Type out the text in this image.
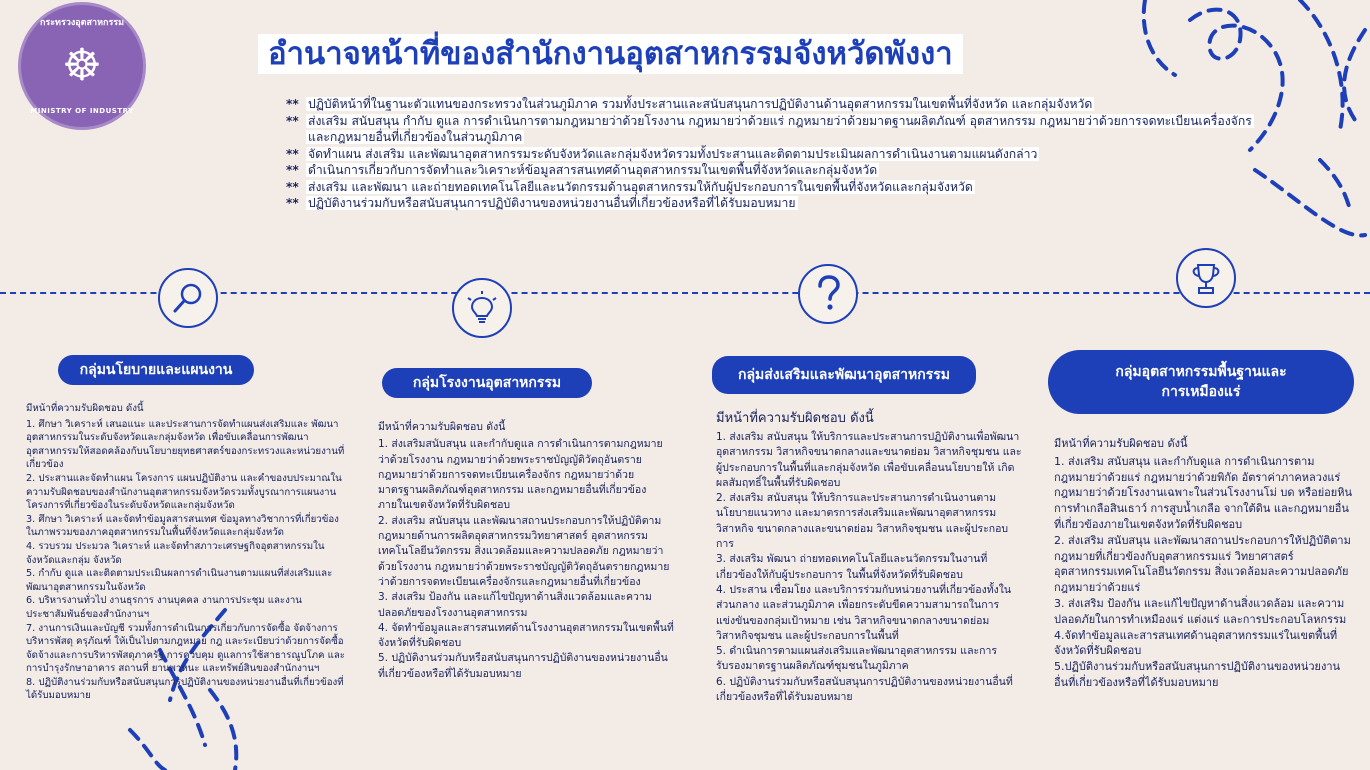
กระทรวงอุตสาหกรรม
☸
MINISTRY OF INDUSTRY
อำนาจหน้าที่ของสำนักงานอุตสาหกรรมจังหวัดพังงา
** ปฏิบัติหน้าที่ในฐานะตัวแทนของกระทรวงในส่วนภูมิภาค รวมทั้งประสานและสนับสนุนการปฏิบัติงานด้านอุตสาหกรรมในเขตพื้นที่จังหวัด และกลุ่มจังหวัด
** ส่งเสริม สนับสนุน กำกับ ดูแล การดำเนินการตามกฎหมายว่าด้วยโรงงาน กฎหมายว่าด้วยแร่ กฎหมายว่าด้วยมาตฐานผลิตภัณฑ์ อุตสาหกรรม กฎหมายว่าด้วยการจดทะเบียนเครื่องจักร และกฎหมายอื่นที่เกี่ยวข้องในส่วนภูมิภาค
** จัดทำแผน ส่งเสริม และพัฒนาอุตสาหกรรมระดับจังหวัดและกลุ่มจังหวัดรวมทั้งประสานและติดตามประเมินผลการดำเนินงานตามแผนดังกล่าว
** ดำเนินการเกี่ยวกับการจัดทำและวิเคราะห์ข้อมูลสารสนเทศด้านอุตสาหกรรมในเขตพื้นที่จังหวัดและกลุ่มจังหวัด
** ส่งเสริม และพัฒนา และถ่ายทอดเทคโนโลยีและนวัตกรรมด้านอุตสาหกรรมให้กับผู้ประกอบการในเขตพื้นที่จังหวัดและกลุ่มจังหวัด
** ปฏิบัติงานร่วมกับหรือสนับสนุนการปฏิบัติงานของหน่วยงานอื่นที่เกี่ยวข้องหรือที่ได้รับมอบหมาย
กลุ่มนโยบายและแผนงาน
กลุ่มโรงงานอุตสาหกรรม	กลุ่มส่งเสริมและพัฒนาอุตสาหกรรม	กลุ่มอุตสาหกรรมพื้นฐานและ
การเหมืองแร่

มีหน้าที่ความรับผิดชอบ ดังนี้

1. ศึกษา วิเคราะห์ เสนอแนะ และประสานการจัดทำแผนส่งเสริมและ พัฒนาอุตสาหกรรมในระดับจังหวัดและกลุ่มจังหวัด เพื่อขับเคลื่อนการพัฒนาอุตสาหกรรมให้สอดคล้องกับนโยบายยุทธศาสตร์ของกระทรวงและหน่วยงานที่เกี่ยวข้อง

2. ประสานและจัดทำแผน โครงการ แผนปฏิบัติงาน และคำของบประมาณในความรับผิดชอบของสำนักงานอุตสาหกรรมจังหวัดรวมทั้งบูรณาการแผนงานโครงการที่เกี่ยวข้องในระดับจังหวัดและกลุ่มจังหวัด

3. ศึกษา วิเคราะห์ และจัดทำข้อมูลสารสนเทศ ข้อมูลทางวิชาการที่เกี่ยวข้องในภาพรวมของภาคอุตสาหกรรมในพื้นที่จังหวัดและกลุ่มจังหวัด

4. รวบรวม ประมวล วิเคราะห์ และจัดทำสภาวะเศรษฐกิจอุตสาหกรรมในจังหวัดและกลุ่ม จังหวัด

5. กำกับ ดูแล และติดตามประเมินผลการดำเนินงานตามแผนที่ส่งเสริมและพัฒนาอุตสาหกรรมในจังหวัด

6. บริหารงานทั่วไป งานธุรการ งานบุคคล งานการประชุม และงานประชาสัมพันธ์ของสำนักงานฯ

7. งานการเงินและบัญชี รวมทั้งการดำเนินการเกี่ยวกับการจัดซื้อ จัดจ้างการบริหารพัสดุ ครุภัณฑ์ ให้เป็นไปตามกฎหมาย กฎ และระเบียบว่าด้วยการจัดซื้อจัดจ้างและการบริหารพัสดุภาครัฐ การควบคุม ดูแลการใช้สาธารณูปโภค และการบำรุงรักษาอาคาร สถานที่ ยานพาหนะ และทรัพย์สินของสำนักงานฯ

8. ปฏิบัติงานร่วมกับหรือสนับสนุนการปฏิบัติงานของหน่วยงานอื่นที่เกี่ยวข้องที่ได้รับมอบหมาย

มีหน้าที่ความรับผิดชอบ ดังนี้

1. ส่งเสริมสนับสนุน และกำกับดูแล การดำเนินการตามกฎหมายว่าด้วยโรงงาน กฎหมายว่าด้วยพระราชบัญญัติวัตถุอันตรายกฎหมายว่าด้วยการจดทะเบียนเครื่องจักร กฎหมายว่าด้วยมาตรฐานผลิตภัณฑ์อุตสาหกรรม และกฎหมายอื่นที่เกี่ยวข้องภายในเขตจังหวัดที่รับผิดชอบ

2. ส่งเสริม สนับสนุน และพัฒนาสถานประกอบการให้ปฏิบัติตามกฎหมายด้านการผลิตอุตสาหกรรมวิทยาศาสตร์ อุตสาหกรรมเทคโนโลยีนวัตกรรม สิ่งแวดล้อมและความปลอดภัย กฎหมายว่าด้วยโรงงาน กฎหมายว่าด้วยพระราชบัญญัติวัตถุอันตรายกฎหมายว่าด้วยการจดทะเบียนเครื่องจักรและกฎหมายอื่นที่เกี่ยวข้อง

3. ส่งเสริม ป้องกัน และแก้ไขปัญหาด้านสิ่งแวดล้อมและความปลอดภัยของโรงงานอุตสาหกรรม

4. จัดทำข้อมูลและสารสนเทศด้านโรงงานอุตสาหกรรมในเขตพื้นที่จังหวัดที่รับผิดชอบ

5. ปฏิบัติงานร่วมกับหรือสนับสนุนการปฏิบัติงานของหน่วยงานอื่นที่เกี่ยวข้องหรือที่ได้รับมอบหมาย

มีหน้าที่ความรับผิดชอบ ดังนี้

1. ส่งเสริม สนับสนุน ให้บริการและประสานการปฏิบัติงานเพื่อพัฒนาอุตสาหกรรม วิสาหกิจขนาดกลางและขนาดย่อม วิสาหกิจชุมชน และ ผู้ประกอบการในพื้นที่และกลุ่มจังหวัด เพื่อขับเคลื่อนนโยบายให้ เกิดผลสัมฤทธิ์ในพื้นที่รับผิดชอบ

2. ส่งเสริม สนับสนุน ให้บริการและประสานการดำเนินงานตามนโยบายแนวทาง และมาตรการส่งเสริมและพัฒนาอุตสาหกรรม วิสาหกิจ ขนาดกลางและขนาดย่อม วิสาหกิจชุมชน และผู้ประกอบการ

3. ส่งเสริม พัฒนา ถ่ายทอดเทคโนโลยีและนวัตกรรมในงานที่เกี่ยวข้องให้กับผู้ประกอบการ ในพื้นที่จังหวัดที่รับผิดชอบ

4. ประสาน เชื่อมโยง และบริการร่วมกับหน่วยงานที่เกี่ยวข้องทั้งในส่วนกลาง และส่วนภูมิภาค เพื่อยกระดับขีดความสามารถในการแข่งขันของกลุ่มเป้าหมาย เช่น วิสาหกิจขนาดกลางขนาดย่อม วิสาหกิจชุมชน และผู้ประกอบการในพื้นที่

5. ดำเนินการตามแผนส่งเสริมและพัฒนาอุตสาหกรรม และการรับรองมาตรฐานผลิตภัณฑ์ชุมชนในภูมิภาค

6. ปฏิบัติงานร่วมกับหรือสนับสนุนการปฏิบัติงานของหน่วยงานอื่นที่เกี่ยวข้องหรือที่ได้รับมอบหมาย

มีหน้าที่ความรับผิดชอบ ดังนี้

1. ส่งเสริม สนับสนุน และกำกับดูแล การดำเนินการตามกฎหมายว่าด้วยแร่ กฎหมายว่าด้วยพิกัด อัตราค่าภาคหลวงแร่ กฎหมายว่าด้วยโรงงานเฉพาะในส่วนโรงงานโม่ บด หรือย่อยหิน การทำเกลือสินเธาว์ การสูบน้ำเกลือ จากใต้ดิน และกฎหมายอื่นที่เกี่ยวข้องภายในเขตจังหวัดที่รับผิดชอบ

2. ส่งเสริม สนับสนุน และพัฒนาสถานประกอบการให้ปฏิบัติตามกฎหมายที่เกี่ยวข้องกับอุตสาหกรรมแร่ วิทยาศาสตร์ อุตสาหกรรมเทคโนโลยีนวัตกรรม สิ่งแวดล้อมละความปลอดภัย กฎหมายว่าด้วยแร่

3. ส่งเสริม ป้องกัน และแก้ไขปัญหาด้านสิ่งแวดล้อม และความปลอดภัยในการทำเหมืองแร่ แต่งแร่ และการประกอบโลหกรรม

4.จัดทำข้อมูลและสารสนเทศด้านอุตสาหกรรมแร่ในเขตพื้นที่จังหวัดที่รับผิดชอบ

5.ปฏิบัติงานร่วมกับหรือสนับสนุนการปฏิบัติงานของหน่วยงานอื่นที่เกี่ยวข้องหรือที่ได้รับมอบหมาย
